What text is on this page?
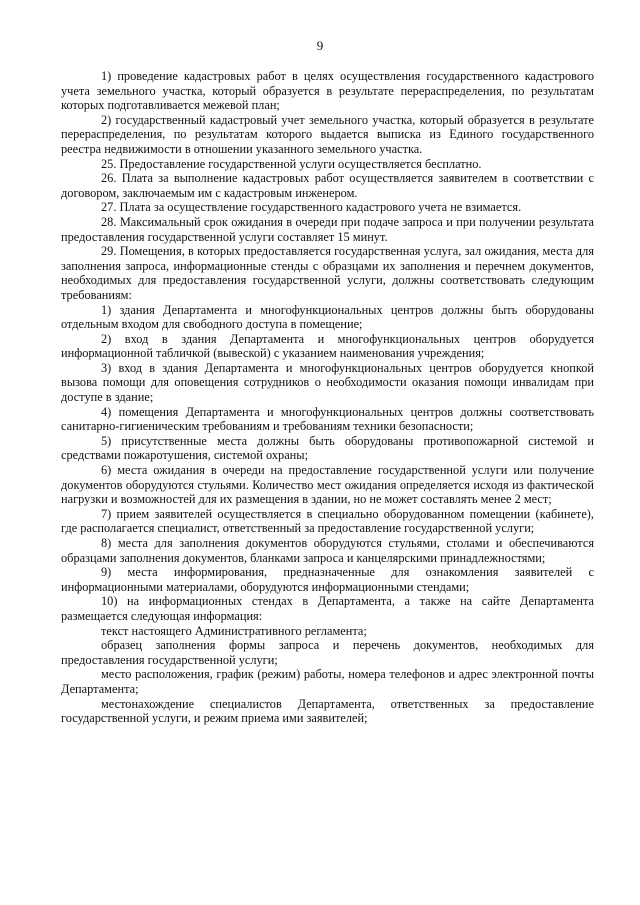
9

1) проведение кадастровых работ в целях осуществления государственного кадастрового учета земельного участка, который образуется в результате перераспределения, по результатам которых подготавливается межевой план;

2) государственный кадастровый учет земельного участка, который образуется в результате перераспределения, по результатам которого выдается выписка из Единого государственного реестра недвижимости в отношении указанного земельного участка.

25. Предоставление государственной услуги осуществляется бесплатно.

26. Плата за выполнение кадастровых работ осуществляется заявителем в соответствии с договором, заключаемым им с кадастровым инженером.

27. Плата за осуществление государственного кадастрового учета не взимается.

28. Максимальный срок ожидания в очереди при подаче запроса и при получении результата предоставления государственной услуги составляет 15 минут.

29. Помещения, в которых предоставляется государственная услуга, зал ожидания, места для заполнения запроса, информационные стенды с образцами их заполнения и перечнем документов, необходимых для предоставления государственной услуги, должны соответствовать следующим требованиям:

1) здания Департамента и многофункциональных центров должны быть оборудованы отдельным входом для свободного доступа в помещение;

2) вход в здания Департамента и многофункциональных центров оборудуется информационной табличкой (вывеской) с указанием наименования учреждения;

3) вход в здания Департамента и многофункциональных центров оборудуется кнопкой вызова помощи для оповещения сотрудников о необходимости оказания помощи инвалидам при доступе в здание;

4) помещения Департамента и многофункциональных центров должны соответствовать санитарно-гигиеническим требованиям и требованиям техники безопасности;

5) присутственные места должны быть оборудованы противопожарной системой и средствами пожаротушения, системой охраны;

6) места ожидания в очереди на предоставление государственной услуги или получение документов оборудуются стульями. Количество мест ожидания определяется исходя из фактической нагрузки и возможностей для их размещения в здании, но не может составлять менее 2 мест;

7) прием заявителей осуществляется в специально оборудованном помещении (кабинете), где располагается специалист, ответственный за предоставление государственной услуги;

8) места для заполнения документов оборудуются стульями, столами и обеспечиваются образцами заполнения документов, бланками запроса и канцелярскими принадлежностями;

9) места информирования, предназначенные для ознакомления заявителей с информационными материалами, оборудуются информационными стендами;

10) на информационных стендах в Департамента, а также на сайте Департамента размещается следующая информация:

текст настоящего Административного регламента;

образец заполнения формы запроса и перечень документов, необходимых для предоставления государственной услуги;

место расположения, график (режим) работы, номера телефонов и адрес электронной почты Департамента;

местонахождение специалистов Департамента, ответственных за предоставление государственной услуги, и режим приема ими заявителей;
